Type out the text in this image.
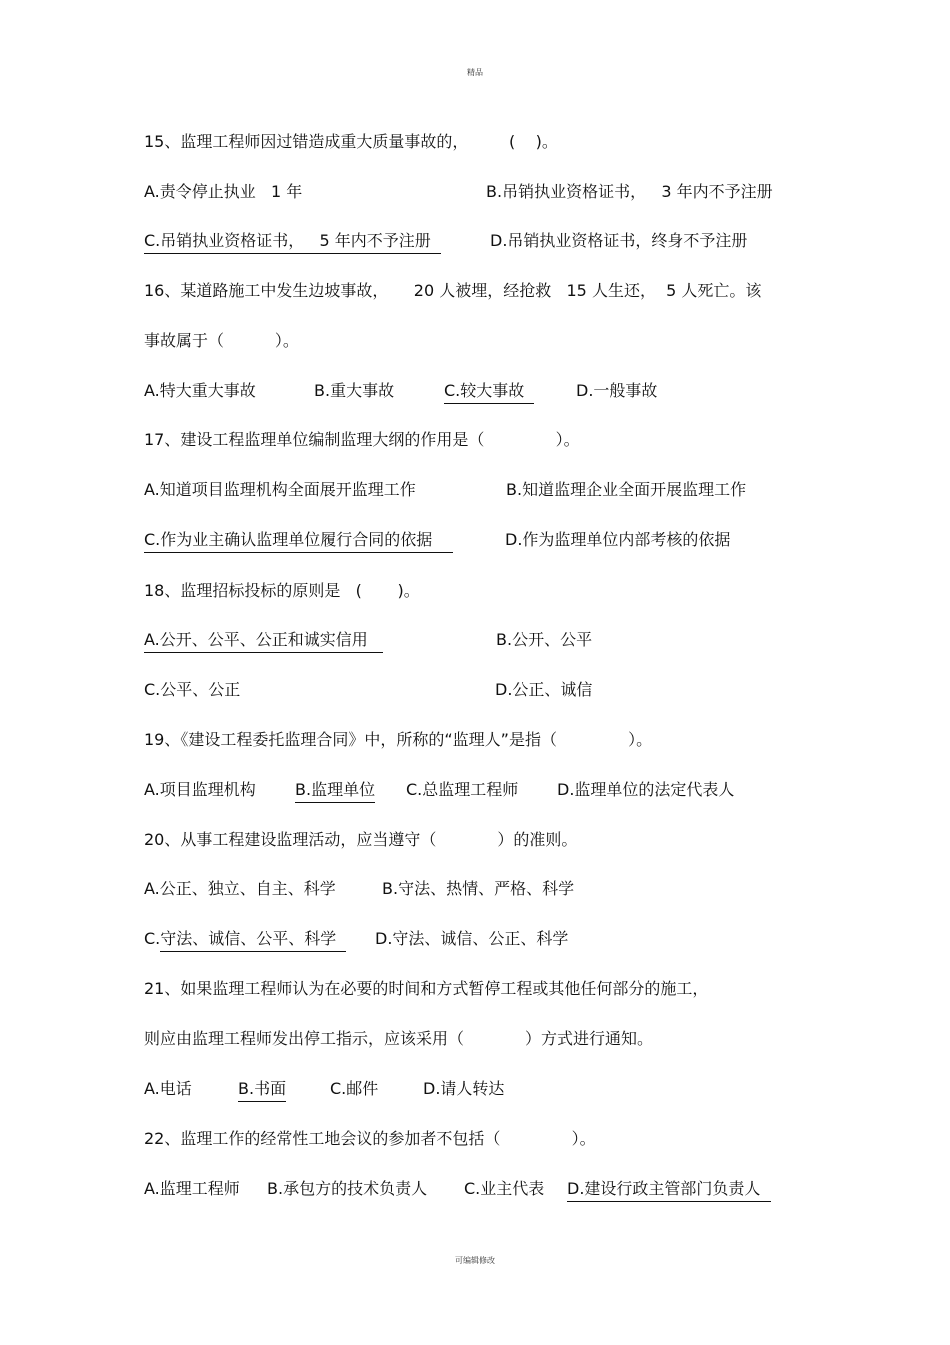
精品
15、监理工程师因过错造成重大质量事故的，        (    )。
A.责令停止执业   1 年	B.吊销执业资格证书，   3 年内不予注册
C.吊销执业资格证书，   5 年内不予注册	D.吊销执业资格证书，终身不予注册
16、某道路施工中发生边坡事故，     20 人被埋，经抢救   15 人生还，  5 人死亡。该
事故属于（          ）。
A.特大重大事故	B.重大事故	C.较大事故	D.一般事故
17、建设工程监理单位编制监理大纲的作用是（              ）。
A.知道项目监理机构全面展开监理工作	B.知道监理企业全面开展监理工作
C.作为业主确认监理单位履行合同的依据	D.作为监理单位内部考核的依据
18、监理招标投标的原则是   (       )。
A.公开、公平、公正和诚实信用	B.公开、公平
C.公平、公正	D.公正、诚信
19、《建设工程委托监理合同》中，所称的“监理人”是指（              ）。
A.项目监理机构 B.监理单位 C.总监理工程师 D.监理单位的法定代表人
20、从事工程建设监理活动，应当遵守（            ）的准则。
A.公正、独立、自主、科学	B.守法、热情、严格、科学
C.守法、诚信、公平、科学 D.守法、诚信、公正、科学
21、如果监理工程师认为在必要的时间和方式暂停工程或其他任何部分的施工，
则应由监理工程师发出停工指示，应该采用（            ）方式进行通知。
A.电话	B.书面	C.邮件	D.请人转达
22、监理工作的经常性工地会议的参加者不包括（              ）。
A.监理工程师 B.承包方的技术负责人 C.业主代表 D.建设行政主管部门负责人
可编辑修改
